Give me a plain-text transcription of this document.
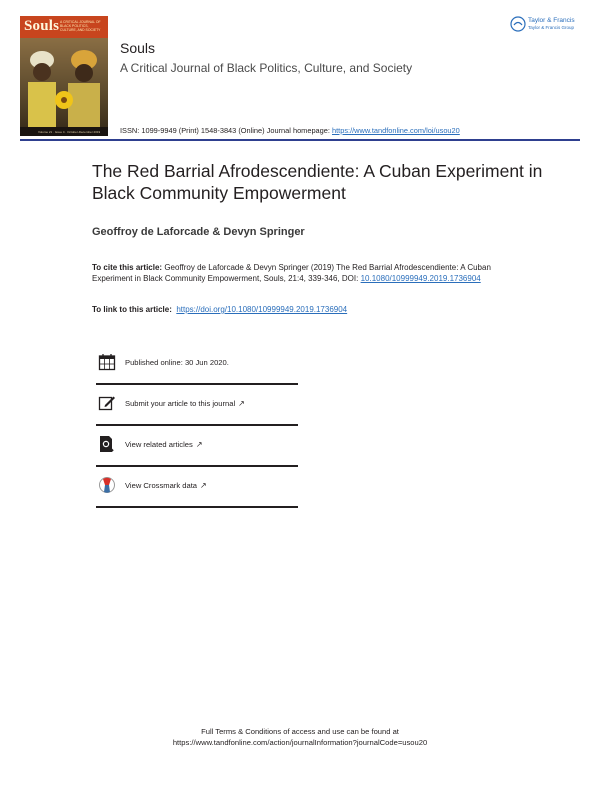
Souls A CRITICAL JOURNAL OF BLACK POLITICS, CULTURE, AND SOCIETY
Volume 21 · Issue 4 · October-December 2019
Souls
A Critical Journal of Black Politics, Culture, and Society
ISSN: 1099-9949 (Print) 1548-3843 (Online) Journal homepage: https://www.tandfonline.com/loi/usou20
Taylor & Francis
Taylor & Francis Group
The Red Barrial Afrodescendiente: A Cuban Experiment in Black Community Empowerment
Geoffroy de Laforcade & Devyn Springer
To cite this article: Geoffroy de Laforcade & Devyn Springer (2019) The Red Barrial Afrodescendiente: A Cuban Experiment in Black Community Empowerment, Souls, 21:4, 339-346, DOI: 10.1080/10999949.2019.1736904
To link to this article: https://doi.org/10.1080/10999949.2019.1736904
Published online: 30 Jun 2020.
Submit your article to this journal ↗
View related articles ↗
View Crossmark data ↗
Full Terms & Conditions of access and use can be found at
https://www.tandfonline.com/action/journalInformation?journalCode=usou20
